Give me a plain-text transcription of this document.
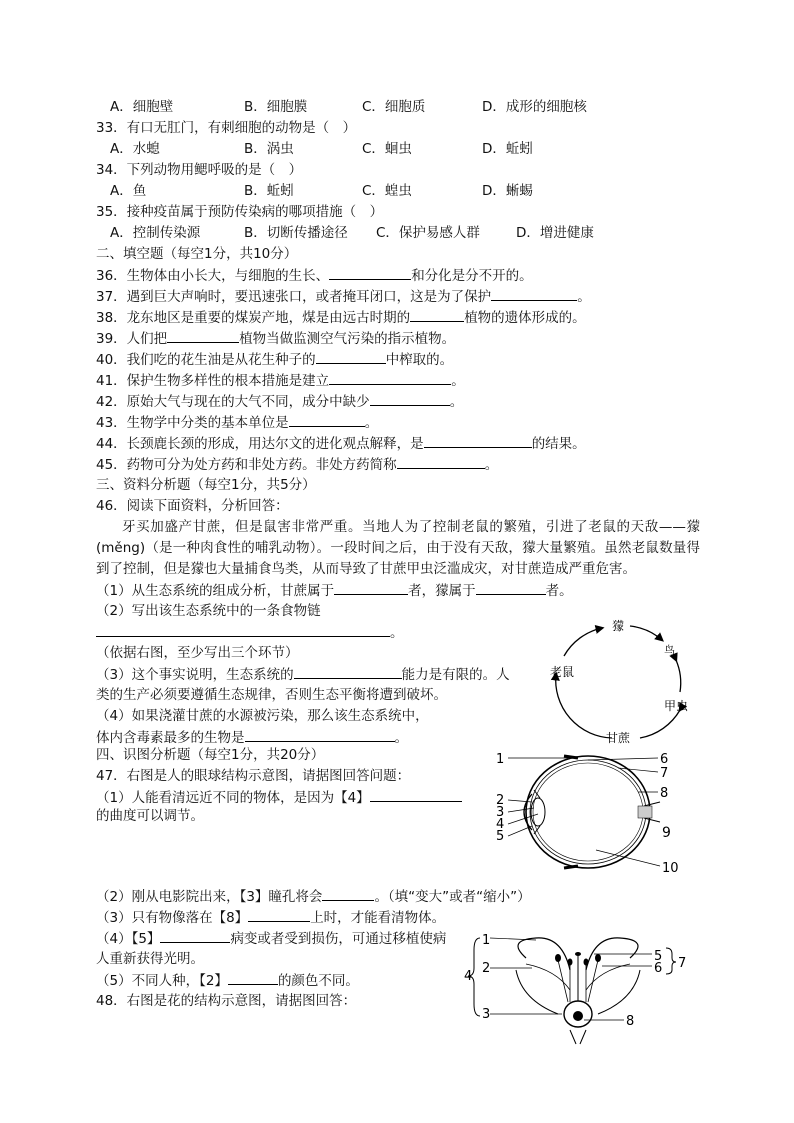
A．细胞壁	B．细胞膜	C．细胞质	D．成形的细胞核
33．有口无肛门，有刺细胞的动物是（　）
A．水螅	B．涡虫	C．蛔虫	D．蚯蚓
34．下列动物用鳃呼吸的是（　）
A．鱼	B．蚯蚓	C．蝗虫	D．蜥蜴
35．接种疫苗属于预防传染病的哪项措施（　）
A．控制传染源	B．切断传播途径 C．保护易感人群	D．增进健康
二、填空题（每空1分，共10分）
36．生物体由小长大，与细胞的生长、	和分化是分不开的。
37．遇到巨大声响时，要迅速张口，或者掩耳闭口，这是为了保护	。
38．龙东地区是重要的煤炭产地，煤是由远古时期的	植物的遗体形成的。
39．人们把	植物当做监测空气污染的指示植物。
40．我们吃的花生油是从花生种子的	中榨取的。
41．保护生物多样性的根本措施是建立	。
42．原始大气与现在的大气不同，成分中缺少	。
43．生物学中分类的基本单位是	。
44．长颈鹿长颈的形成，用达尔文的进化观点解释，是	的结果。
45．药物可分为处方药和非处方药。非处方药简称	。
三、资料分析题（每空1分，共5分）
46．阅读下面资料，分析回答：
牙买加盛产甘蔗，但是鼠害非常严重。当地人为了控制老鼠的繁殖，引进了老鼠的天敌——獴(měng)（是一种肉食性的哺乳动物）。一段时间之后，由于没有天敌，獴大量繁殖。虽然老鼠数量得到了控制，但是獴也大量捕食鸟类，从而导致了甘蔗甲虫泛滥成灾，对甘蔗造成严重危害。
（1）从生态系统的组成分析，甘蔗属于	者，獴属于	者。
（2）写出该生态系统中的一条食物链
。
（依据右图，至少写出三个环节）
（3）这个事实说明，生态系统的	能力是有限的。人
类的生产必须要遵循生态规律，否则生态平衡将遭到破坏。
（4）如果浇灌甘蔗的水源被污染，那么该生态系统中，
体内含毒素最多的生物是	。
獴
鸟
老鼠
甲虫
甘蔗
四、识图分析题（每空1分，共20分）
47．右图是人的眼球结构示意图，请据图回答问题：
（1）人能看清远近不同的物体，是因为【4】
的曲度可以调节。
1
2
3
4
5
6
7
8
9
10
（2）刚从电影院出来，【3】瞳孔将会	。（填“变大”或者“缩小”）
（3）只有物像落在【8】	上时，才能看清物体。
（4）【5】	病变或者受到损伤，可通过移植使病
人重新获得光明。
（5）不同人种，【2】	的颜色不同。
48．右图是花的结构示意图，请据图回答：
1
2
3
4
5
6 7
8
